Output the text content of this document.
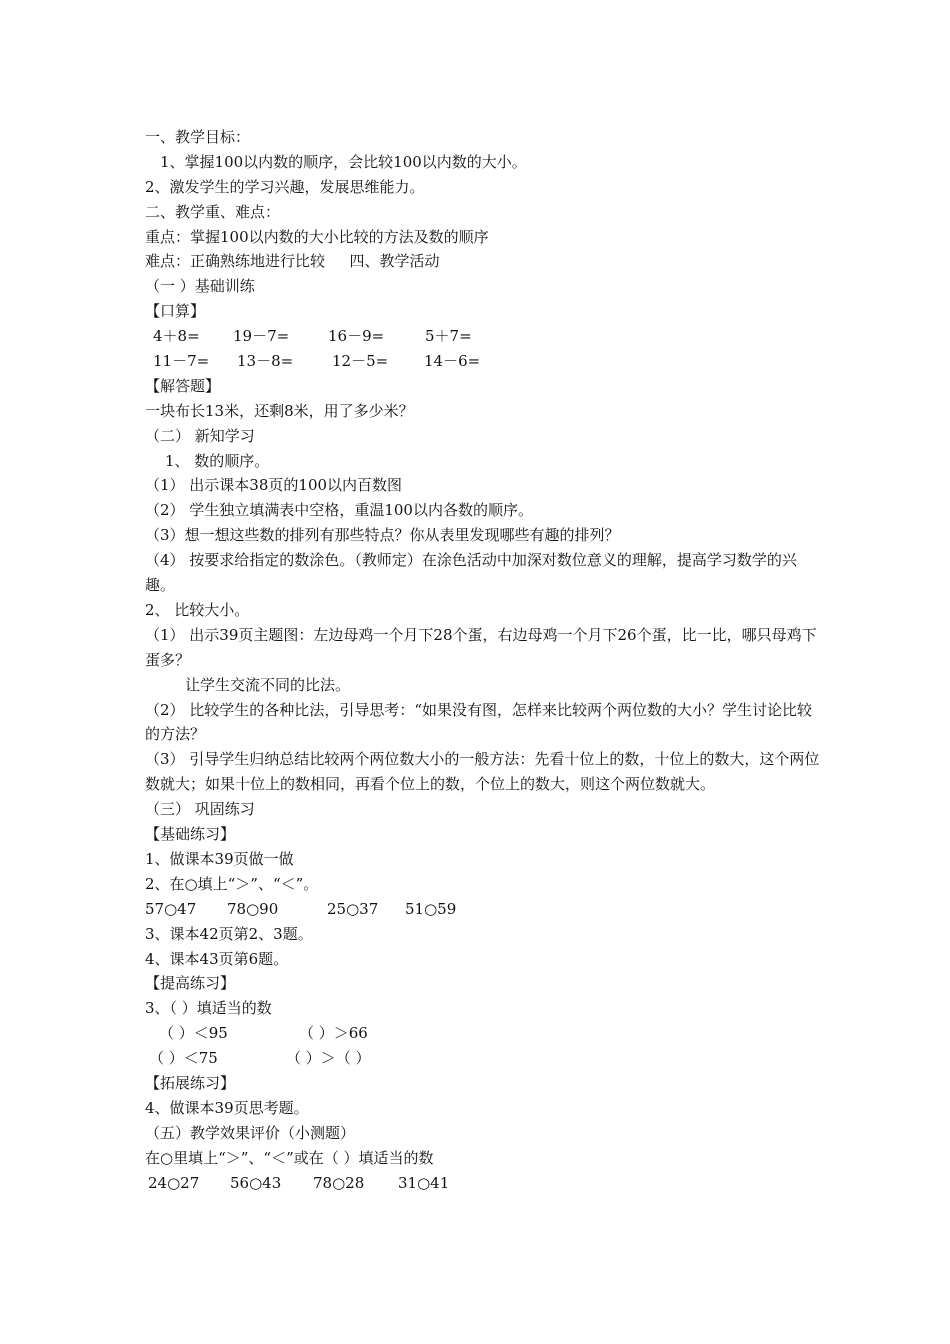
一、教学目标：
1、掌握100以内数的顺序，会比较100以内数的大小。
2、激发学生的学习兴趣，发展思维能力。
二、教学重、难点：
重点：掌握100以内数的大小比较的方法及数的顺序
难点：正确熟练地进行比较　  四、教学活动
（一 ）基础训练
【口算】
4＋8=	19－7=	16－9=	5＋7=
11－7=	13－8=	12－5=	14－6=
【解答题】
一块布长13米，还剩8米，用了多少米？
（二） 新知学习
1、 数的顺序。
（1） 出示课本38页的100以内百数图
（2） 学生独立填满表中空格，重温100以内各数的顺序。
（3）想一想这些数的排列有那些特点？你从表里发现哪些有趣的排列？
（4） 按要求给指定的数涂色。（教师定）在涂色活动中加深对数位意义的理解，提高学习数学的兴趣。
2、 比较大小。
（1） 出示39页主题图：左边母鸡一个月下28个蛋，右边母鸡一个月下26个蛋，比一比，哪只母鸡下蛋多？
让学生交流不同的比法。
（2） 比较学生的各种比法，引导思考：“如果没有图，怎样来比较两个两位数的大小？学生讨论比较的方法？
（3） 引导学生归纳总结比较两个两位数大小的一般方法：先看十位上的数，十位上的数大，这个两位数就大；如果十位上的数相同，再看个位上的数，个位上的数大，则这个两位数就大。
（三） 巩固练习
【基础练习】
1、做课本39页做一做
2、在○填上“＞”、“＜”。
57○47	78○90	25○37	51○59
3、课本42页第2、3题。
4、课本43页第6题。
【提高练习】
3、（ ）填适当的数
（ ）＜95	（ ）＞66
（ ）＜75	（ ）＞（ ）
【拓展练习】
4、做课本39页思考题。
（五）教学效果评价（小测题）
在○里填上“＞”、“＜”或在（ ）填适当的数
24○27	56○43	78○28	31○41
